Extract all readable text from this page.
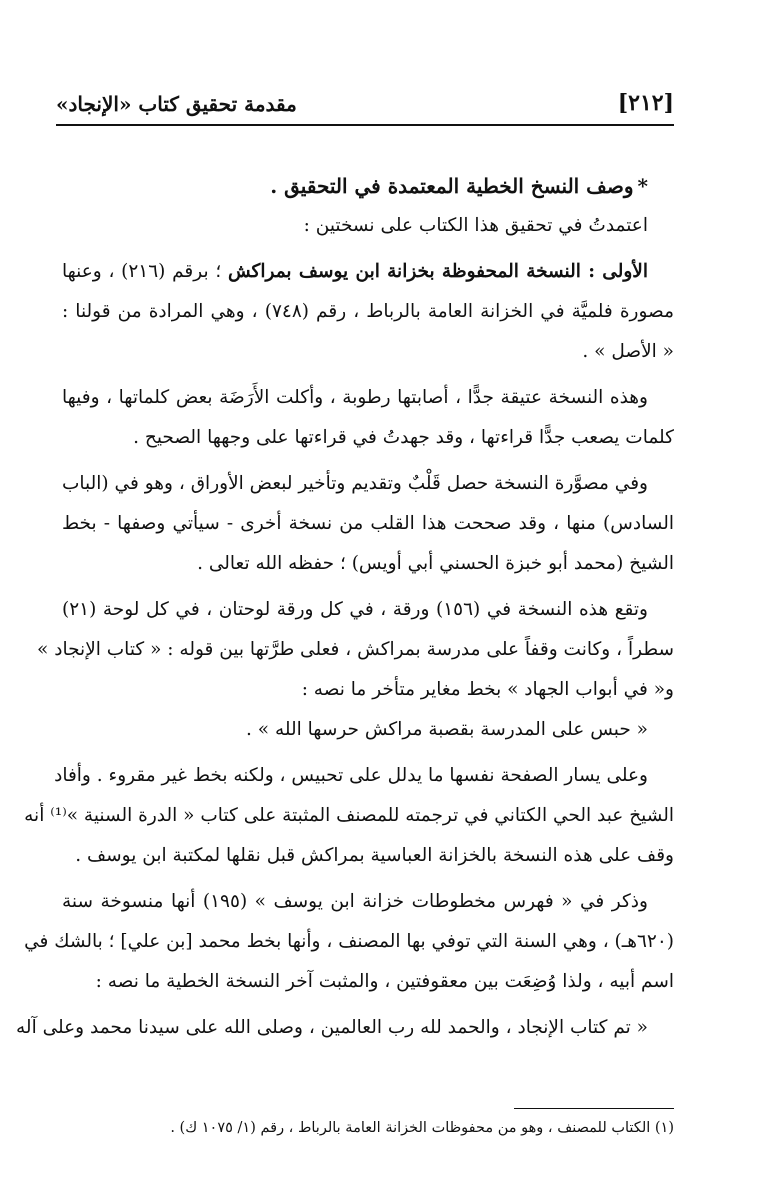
[٢١٢]
مقدمة تحقيق كتاب «الإنجاد»
*وصف النسخ الخطية المعتمدة في التحقيق .
اعتمدتُ في تحقيق هذا الكتاب على نسختين :
الأولى : النسخة المحفوظة بخزانة ابن يوسف بمراكش ؛ برقم (٢١٦) ، وعنها
مصورة فلميَّة في الخزانة العامة بالرباط ، رقم (٧٤٨) ، وهي المرادة من قولنا :
« الأصل » .
وهذه النسخة عتيقة جدًّا ، أصابتها رطوبة ، وأكلت الأَرَضَة بعض كلماتها ، وفيها
كلمات يصعب جدًّا قراءتها ، وقد جهدتُ في قراءتها على وجهها الصحيح .
وفي مصوَّرة النسخة حصل قَلْبٌ وتقديم وتأخير لبعض الأوراق ، وهو في (الباب
السادس) منها ، وقد صححت هذا القلب من نسخة أخرى - سيأتي وصفها - بخط
الشيخ (محمد أبو خبزة الحسني أبي أويس) ؛ حفظه الله تعالى .
وتقع هذه النسخة في (١٥٦) ورقة ، في كل ورقة لوحتان ، في كل لوحة (٢١)
سطراً ، وكانت وقفاً على مدرسة بمراكش ، فعلى طرَّتها بين قوله : « كتاب الإنجاد »
و« في أبواب الجهاد » بخط مغاير متأخر ما نصه :
« حبس على المدرسة بقصبة مراكش حرسها الله » .
وعلى يسار الصفحة نفسها ما يدلل على تحبيس ، ولكنه بخط غير مقروء . وأفاد
الشيخ عبد الحي الكتاني في ترجمته للمصنف المثبتة على كتاب « الدرة السنية »⁽¹⁾ أنه
وقف على هذه النسخة بالخزانة العباسية بمراكش قبل نقلها لمكتبة ابن يوسف .
وذكر في « فهرس مخطوطات خزانة ابن يوسف » (١٩٥) أنها منسوخة سنة
(٦٢٠هـ) ، وهي السنة التي توفي بها المصنف ، وأنها بخط محمد [بن علي] ؛ بالشك في
اسم أبيه ، ولذا وُضِعَت بين معقوفتين ، والمثبت آخر النسخة الخطية ما نصه :
« تم كتاب الإنجاد ، والحمد لله رب العالمين ، وصلى الله على سيدنا محمد وعلى آله
(١) الكتاب للمصنف ، وهو من محفوظات الخزانة العامة بالرباط ، رقم (١/ ١٠٧٥ ك) .
